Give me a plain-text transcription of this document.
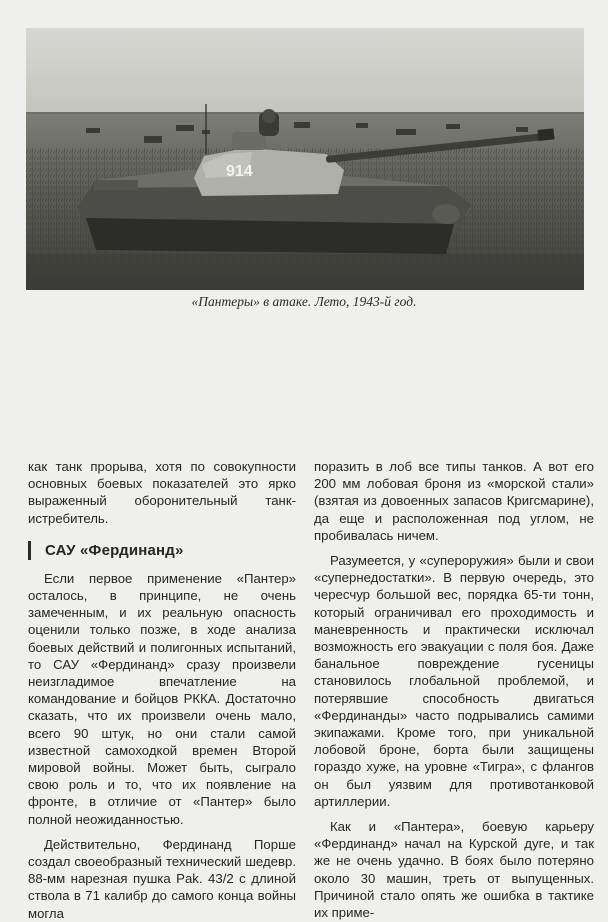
914
«Пантеры» в атаке. Лето, 1943-й год.

как танк прорыва, хотя по совокупности основных боевых показателей это ярко выраженный оборонительный танк-истребитель.

САУ «Фердинанд»

Если первое применение «Пантер» осталось, в принципе, не очень замеченным, и их реальную опасность оценили только позже, в ходе анализа боевых действий и полигонных испытаний, то САУ «Фердинанд» сразу произвели неизгладимое впечатление на командование и бойцов РККА. Достаточно сказать, что их произвели очень мало, всего 90 штук, но они стали самой известной самоходкой времен Второй мировой войны. Может быть, сыграло свою роль и то, что их появление на фронте, в отличие от «Пантер» было полной неожиданностью.

Действительно, Фердинанд Порше создал своеобразный технический шедевр. 88-мм нарезная пушка Pak. 43/2 с длиной ствола в 71 калибр до самого конца войны могла

поразить в лоб все типы танков. А вот его 200 мм лобовая броня из «морской стали» (взятая из довоенных запасов Кригсмарине), да еще и расположенная под углом, не пробивалась ничем.

Разумеется, у «супероружия» были и свои «супернедостатки». В первую очередь, это чересчур большой вес, порядка 65-ти тонн, который ограничивал его проходимость и маневренность и практически исключал возможность его эвакуации с поля боя. Даже банальное повреждение гусеницы становилось глобальной проблемой, и потерявшие способность двигаться «Фердинанды» часто подрывались самими экипажами. Кроме того, при уникальной лобовой броне, борта были защищены гораздо хуже, на уровне «Тигра», с флангов он был уязвим для противотанковой артиллерии.

Как и «Пантера», боевую карьеру «Фердинанд» начал на Курской дуге, и так же не очень удачно. В боях было потеряно около 30 машин, треть от выпущенных. Причиной стало опять же ошибка в тактике их приме-
